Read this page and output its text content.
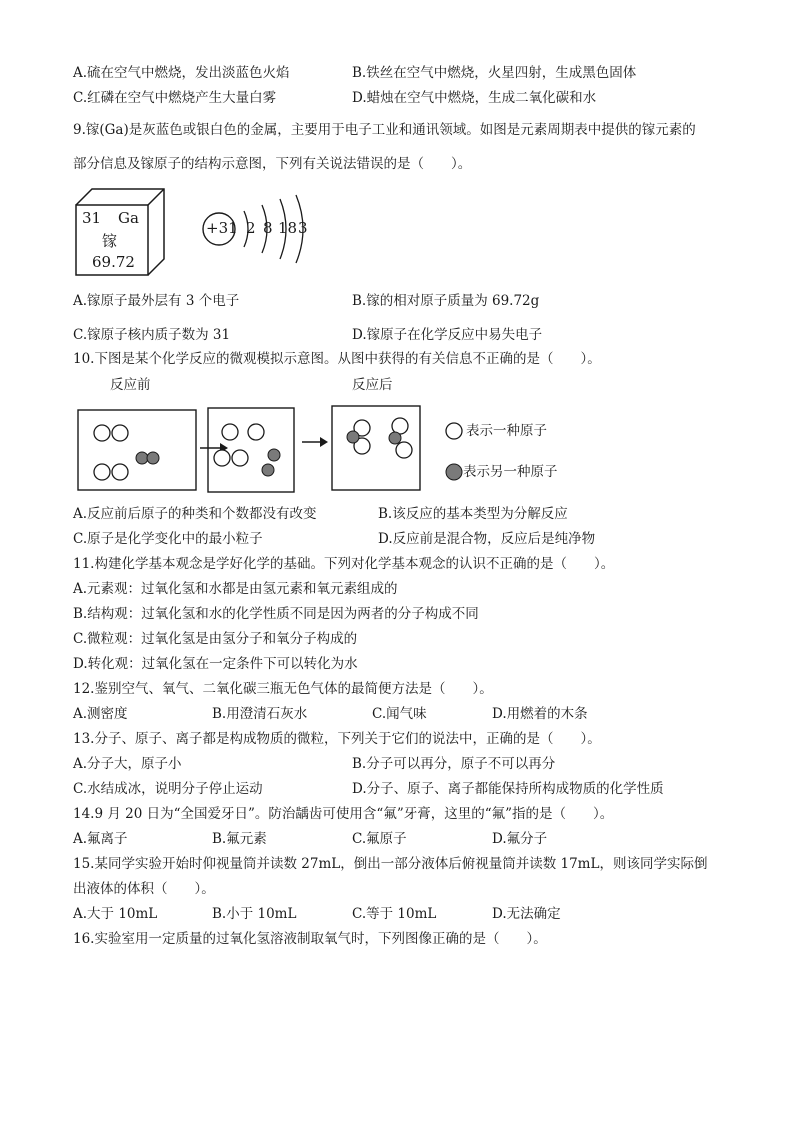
A.硫在空气中燃烧，发出淡蓝色火焰	B.铁丝在空气中燃烧，火星四射，生成黑色固体
C.红磷在空气中燃烧产生大量白雾	D.蜡烛在空气中燃烧，生成二氧化碳和水
9.镓(Ga)是灰蓝色或银白色的金属，主要用于电子工业和通讯领域。如图是元素周期表中提供的镓元素的
部分信息及镓原子的结构示意图，下列有关说法错误的是（　　）。
31 Ga
镓
69.72
+31 2 8 18 3
A.镓原子最外层有 3 个电子	B.镓的相对原子质量为 69.72g
C.镓原子核内质子数为 31	D.镓原子在化学反应中易失电子
10.下图是某个化学反应的微观模拟示意图。从图中获得的有关信息不正确的是（　　）。
反应前	反应后
表示一种原子
表示另一种原子
A.反应前后原子的种类和个数都没有改变	B.该反应的基本类型为分解反应
C.原子是化学变化中的最小粒子	D.反应前是混合物，反应后是纯净物
11.构建化学基本观念是学好化学的基础。下列对化学基本观念的认识不正确的是（　　）。
A.元素观：过氧化氢和水都是由氢元素和氧元素组成的
B.结构观：过氧化氢和水的化学性质不同是因为两者的分子构成不同
C.微粒观：过氧化氢是由氢分子和氧分子构成的
D.转化观：过氧化氢在一定条件下可以转化为水
12.鉴别空气、氧气、二氧化碳三瓶无色气体的最简便方法是（　　）。
A.测密度	B.用澄清石灰水	C.闻气味	D.用燃着的木条
13.分子、原子、离子都是构成物质的微粒，下列关于它们的说法中，正确的是（　　）。
A.分子大，原子小	B.分子可以再分，原子不可以再分
C.水结成冰，说明分子停止运动	D.分子、原子、离子都能保持所构成物质的化学性质
14.9 月 20 日为“全国爱牙日”。防治龋齿可使用含“氟”牙膏，这里的“氟”指的是（　　）。
A.氟离子	B.氟元素	C.氟原子	D.氟分子
15.某同学实验开始时仰视量筒并读数 27mL，倒出一部分液体后俯视量筒并读数 17mL，则该同学实际倒
出液体的体积（　　）。
A.大于 10mL	B.小于 10mL	C.等于 10mL	D.无法确定
16.实验室用一定质量的过氧化氢溶液制取氧气时，下列图像正确的是（　　）。
